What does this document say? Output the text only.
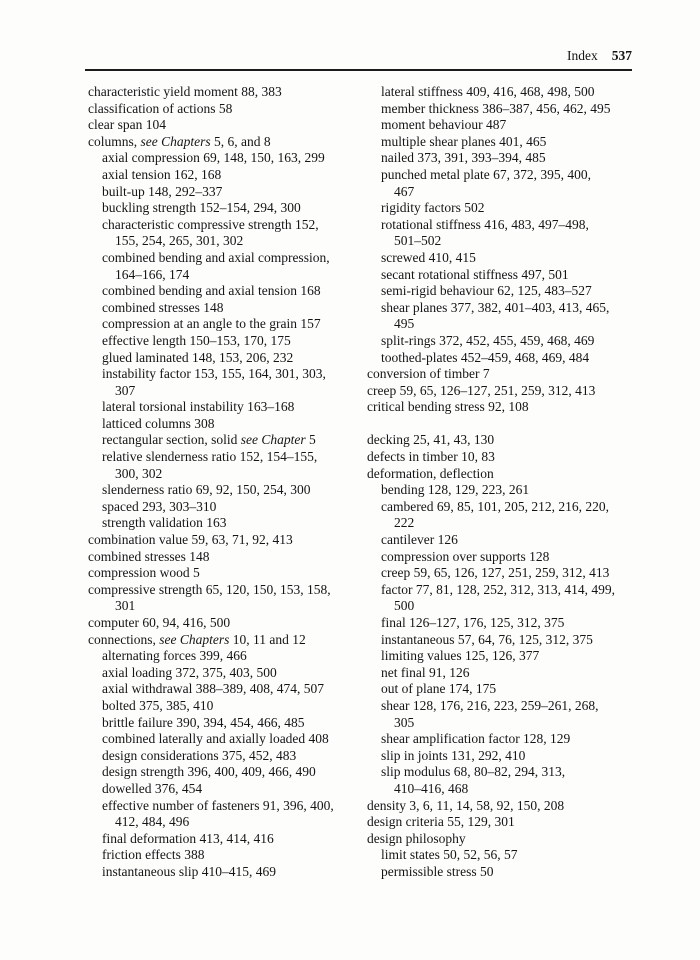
Index 537
characteristic yield moment 88, 383
classification of actions 58
clear span 104
columns, see Chapters 5, 6, and 8
axial compression 69, 148, 150, 163, 299
axial tension 162, 168
built-up 148, 292–337
buckling strength 152–154, 294, 300
characteristic compressive strength 152,
155, 254, 265, 301, 302
combined bending and axial compression,
164–166, 174
combined bending and axial tension 168
combined stresses 148
compression at an angle to the grain 157
effective length 150–153, 170, 175
glued laminated 148, 153, 206, 232
instability factor 153, 155, 164, 301, 303,
307
lateral torsional instability 163–168
latticed columns 308
rectangular section, solid see Chapter 5
relative slenderness ratio 152, 154–155,
300, 302
slenderness ratio 69, 92, 150, 254, 300
spaced 293, 303–310
strength validation 163
combination value 59, 63, 71, 92, 413
combined stresses 148
compression wood 5
compressive strength 65, 120, 150, 153, 158,
301
computer 60, 94, 416, 500
connections, see Chapters 10, 11 and 12
alternating forces 399, 466
axial loading 372, 375, 403, 500
axial withdrawal 388–389, 408, 474, 507
bolted 375, 385, 410
brittle failure 390, 394, 454, 466, 485
combined laterally and axially loaded 408
design considerations 375, 452, 483
design strength 396, 400, 409, 466, 490
dowelled 376, 454
effective number of fasteners 91, 396, 400,
412, 484, 496
final deformation 413, 414, 416
friction effects 388
instantaneous slip 410–415, 469
lateral stiffness 409, 416, 468, 498, 500
member thickness 386–387, 456, 462, 495
moment behaviour 487
multiple shear planes 401, 465
nailed 373, 391, 393–394, 485
punched metal plate 67, 372, 395, 400,
467
rigidity factors 502
rotational stiffness 416, 483, 497–498,
501–502
screwed 410, 415
secant rotational stiffness 497, 501
semi-rigid behaviour 62, 125, 483–527
shear planes 377, 382, 401–403, 413, 465,
495
split-rings 372, 452, 455, 459, 468, 469
toothed-plates 452–459, 468, 469, 484
conversion of timber 7
creep 59, 65, 126–127, 251, 259, 312, 413
critical bending stress 92, 108
decking 25, 41, 43, 130
defects in timber 10, 83
deformation, deflection
bending 128, 129, 223, 261
cambered 69, 85, 101, 205, 212, 216, 220,
222
cantilever 126
compression over supports 128
creep 59, 65, 126, 127, 251, 259, 312, 413
factor 77, 81, 128, 252, 312, 313, 414, 499,
500
final 126–127, 176, 125, 312, 375
instantaneous 57, 64, 76, 125, 312, 375
limiting values 125, 126, 377
net final 91, 126
out of plane 174, 175
shear 128, 176, 216, 223, 259–261, 268,
305
shear amplification factor 128, 129
slip in joints 131, 292, 410
slip modulus 68, 80–82, 294, 313,
410–416, 468
density 3, 6, 11, 14, 58, 92, 150, 208
design criteria 55, 129, 301
design philosophy
limit states 50, 52, 56, 57
permissible stress 50
